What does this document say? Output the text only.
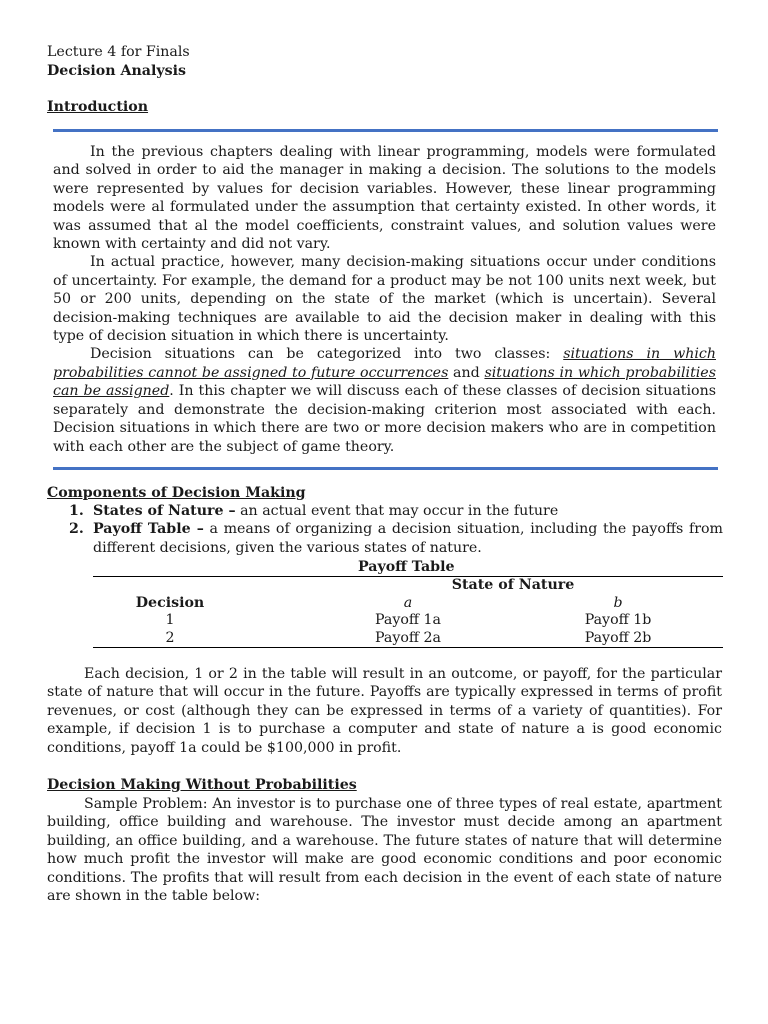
Lecture 4 for Finals
Decision Analysis
Introduction

In the previous chapters dealing with linear programming, models were formulated and solved in order to aid the manager in making a decision. The solutions to the models were represented by values for decision variables. However, these linear programming models were al formulated under the assumption that certainty existed. In other words, it was assumed that al the model coefficients, constraint values, and solution values were known with certainty and did not vary.

In actual practice, however, many decision-making situations occur under conditions of uncertainty. For example, the demand for a product may be not 100 units next week, but 50 or 200 units, depending on the state of the market (which is uncertain). Several decision-making techniques are available to aid the decision maker in dealing with this type of decision situation in which there is uncertainty.

Decision situations can be categorized into two classes: situations in which probabilities cannot be assigned to future occurrences and situations in which probabilities can be assigned. In this chapter we will discuss each of these classes of decision situations separately and demonstrate the decision-making criterion most associated with each. Decision situations in which there are two or more decision makers who are in competition with each other are the subject of game theory.

Components of Decision Making
1. States of Nature – an actual event that may occur in the future
2. Payoff Table – a means of organizing a decision situation, including the payoffs from different decisions, given the various states of nature.
Payoff Table
	State of Nature	
Decision	a	b
1	Payoff 1a	Payoff 1b
2	Payoff 2a	Payoff 2b

Each decision, 1 or 2 in the table will result in an outcome, or payoff, for the particular state of nature that will occur in the future. Payoffs are typically expressed in terms of profit revenues, or cost (although they can be expressed in terms of a variety of quantities). For example, if decision 1 is to purchase a computer and state of nature a is good economic conditions, payoff 1a could be $100,000 in profit.

Decision Making Without Probabilities

Sample Problem: An investor is to purchase one of three types of real estate, apartment building, office building and warehouse. The investor must decide among an apartment building, an office building, and a warehouse. The future states of nature that will determine how much profit the investor will make are good economic conditions and poor economic conditions. The profits that will result from each decision in the event of each state of nature are shown in the table below:
